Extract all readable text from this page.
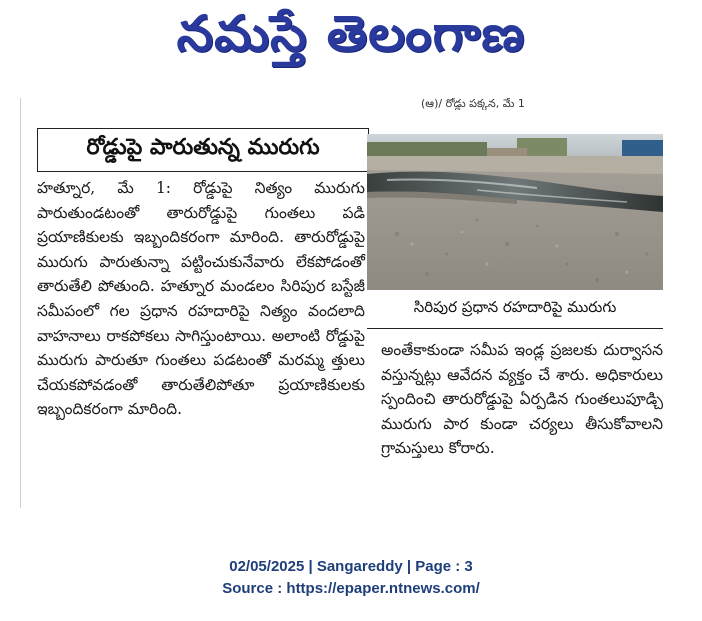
నమస్తే తెలంగాణ
(ఆ)/ రోడ్డు పక్కన, మే 1
రోడ్డుపై పారుతున్న మురుగు
హత్నూర, మే 1: రోడ్డుపై నిత్యం మురుగు పారుతుండటంతో తారురోడ్డుపై గుంతలు పడి ప్రయాణికులకు ఇబ్బందికరంగా మారింది. తారురోడ్డుపై మురుగు పారుతున్నా పట్టించుకునేవారు లేకపోడంతో తారుతేలి పోతుంది. హత్నూర మండలం సిరిపుర బస్టేజీ సమీపంలో గల ప్రధాన రహదారిపై నిత్యం వందలాది వాహనాలు రాకపోకలు సాగిస్తుంటాయి. అలాంటి రోడ్డుపై మురుగు పారుతూ గుంతలు పడటంతో మరమ్మ త్తులు చేయకపోవడంతో తారుతేలిపోతూ ప్రయాణికులకు ఇబ్బందికరంగా మారింది.
సిరిపుర ప్రధాన రహదారిపై మురుగు
అంతేకాకుండా సమీప ఇండ్ల ప్రజలకు దుర్వాసన వస్తున్నట్లు ఆవేదన వ్యక్తం చే శారు. అధికారులు స్పందించి తారురోడ్డుపై ఏర్పడిన గుంతలుపూడ్చి మురుగు పార కుండా చర్యలు తీసుకోవాలని గ్రామస్తులు కోరారు.
02/05/2025 | Sangareddy | Page : 3
Source : https://epaper.ntnews.com/
